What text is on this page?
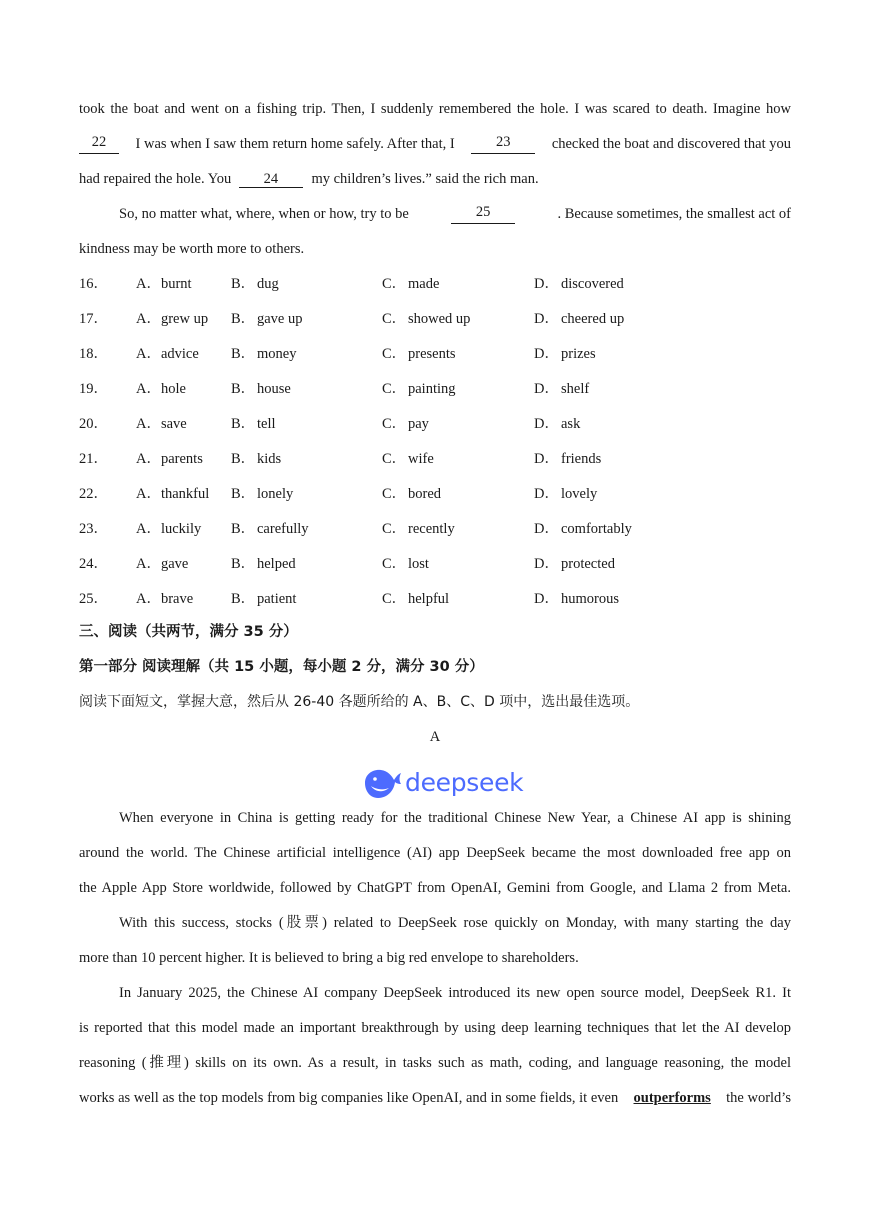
took the boat and went on a fishing trip. Then, I suddenly remembered the hole. I was scared to death. Imagine how
22	I was when I saw them return home safely. After that, I	23	checked the boat and discovered that you
had repaired the hole. You 24 my children’s lives.” said the rich man.
So, no matter what, where, when or how, try to be	25	. Because sometimes, the smallest act of
kindness may be worth more to others.
16． A．burnt	B． dug	C． made	D． discovered
17． A．grew up B． gave up	C． showed up	D． cheered up
18． A．advice B． money	C． presents	D． prizes
19． A．hole	B． house	C． painting	D． shelf
20． A．save	B． tell	C． pay	D． ask
21． A．parents B． kids	C． wife	D． friends
22． A．thankful B． lonely	C． bored	D． lovely
23． A．luckily B． carefully	C． recently	D． comfortably
24． A．gave	B． helped	C． lost	D． protected
25． A．brave	B． patient	C． helpful	D． humorous
三、阅读（共两节，满分 35 分）
第一部分 阅读理解（共 15 小题，每小题 2 分，满分 30 分）
阅读下面短文，掌握大意，然后从 26-40 各题所给的 A、B、C、D 项中，选出最佳选项。
A
deepseek
When everyone in China is getting ready for the traditional Chinese New Year, a Chinese AI app is shining
around the world. The Chinese artificial intelligence (AI) app DeepSeek became the most downloaded free app on
the Apple App Store worldwide, followed by ChatGPT from OpenAI, Gemini from Google, and Llama 2 from Meta.
With this success, stocks (股票) related to DeepSeek rose quickly on Monday, with many starting the day
more than 10 percent higher. It is believed to bring a big red envelope to shareholders.
In January 2025, the Chinese AI company DeepSeek introduced its new open source model, DeepSeek R1. It
is reported that this model made an important breakthrough by using deep learning techniques that let the AI develop
reasoning (推理) skills on its own. As a result, in tasks such as math, coding, and language reasoning, the model
works as well as the top models from big companies like OpenAI, and in some fields, it even outperforms the world’s
